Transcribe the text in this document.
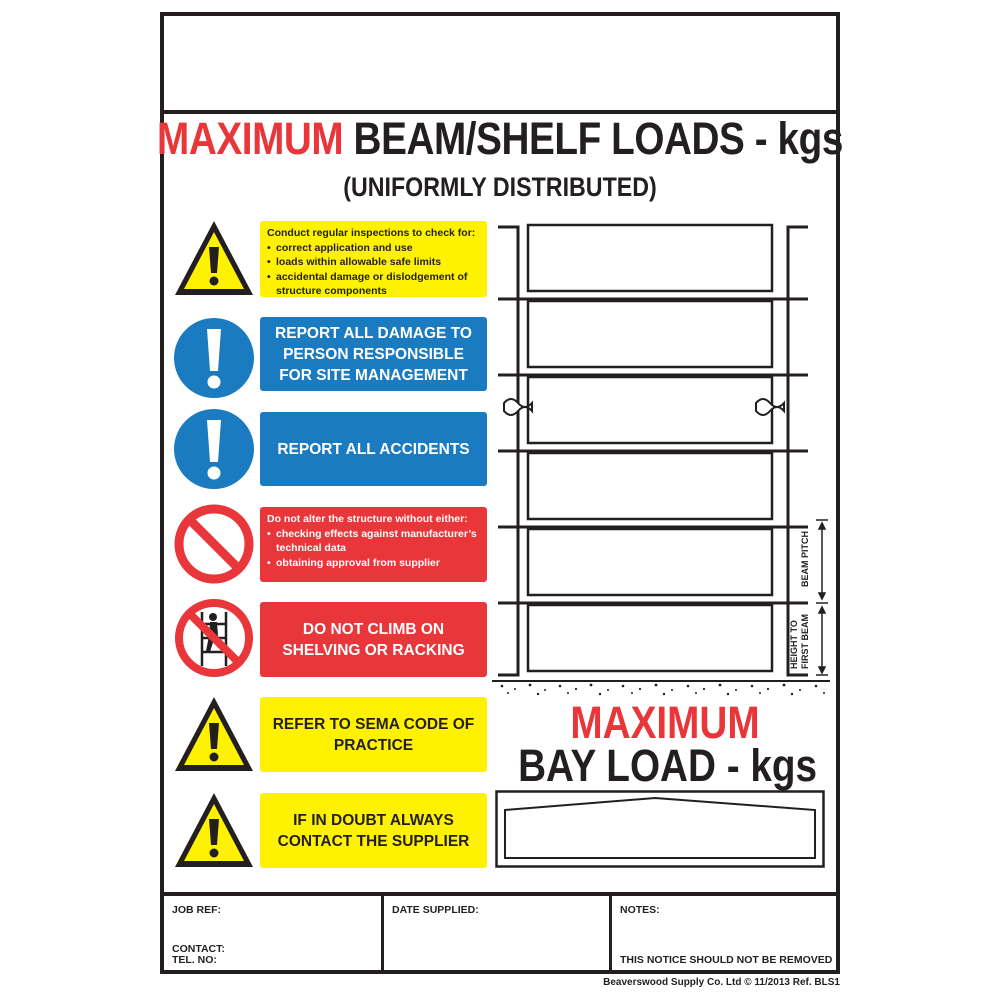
JOB REF:
CONTACT:
TEL. NO:
DATE SUPPLIED:	NOTES:
THIS NOTICE SHOULD NOT BE REMOVED
MAXIMUM BEAM/SHELF LOADS - kgs
(UNIFORMLY DISTRIBUTED)
Conduct regular inspections to check for:
• correct application and use
• loads within allowable safe limits
• accidental damage or dislodgement of structure components
REPORT ALL DAMAGE TO PERSON RESPONSIBLE FOR SITE MANAGEMENT
REPORT ALL ACCIDENTS
Do not alter the structure without either:
• checking effects against manufacturer’s technical data
• obtaining approval from supplier
DO NOT CLIMB ON SHELVING OR RACKING
REFER TO SEMA CODE OF PRACTICE
IF IN DOUBT ALWAYS CONTACT THE SUPPLIER
BEAM PITCH
HEIGHT TO FIRST BEAM
MAXIMUM
BAY LOAD - kgs
Beaverswood Supply Co. Ltd © 11/2013 Ref. BLS1
